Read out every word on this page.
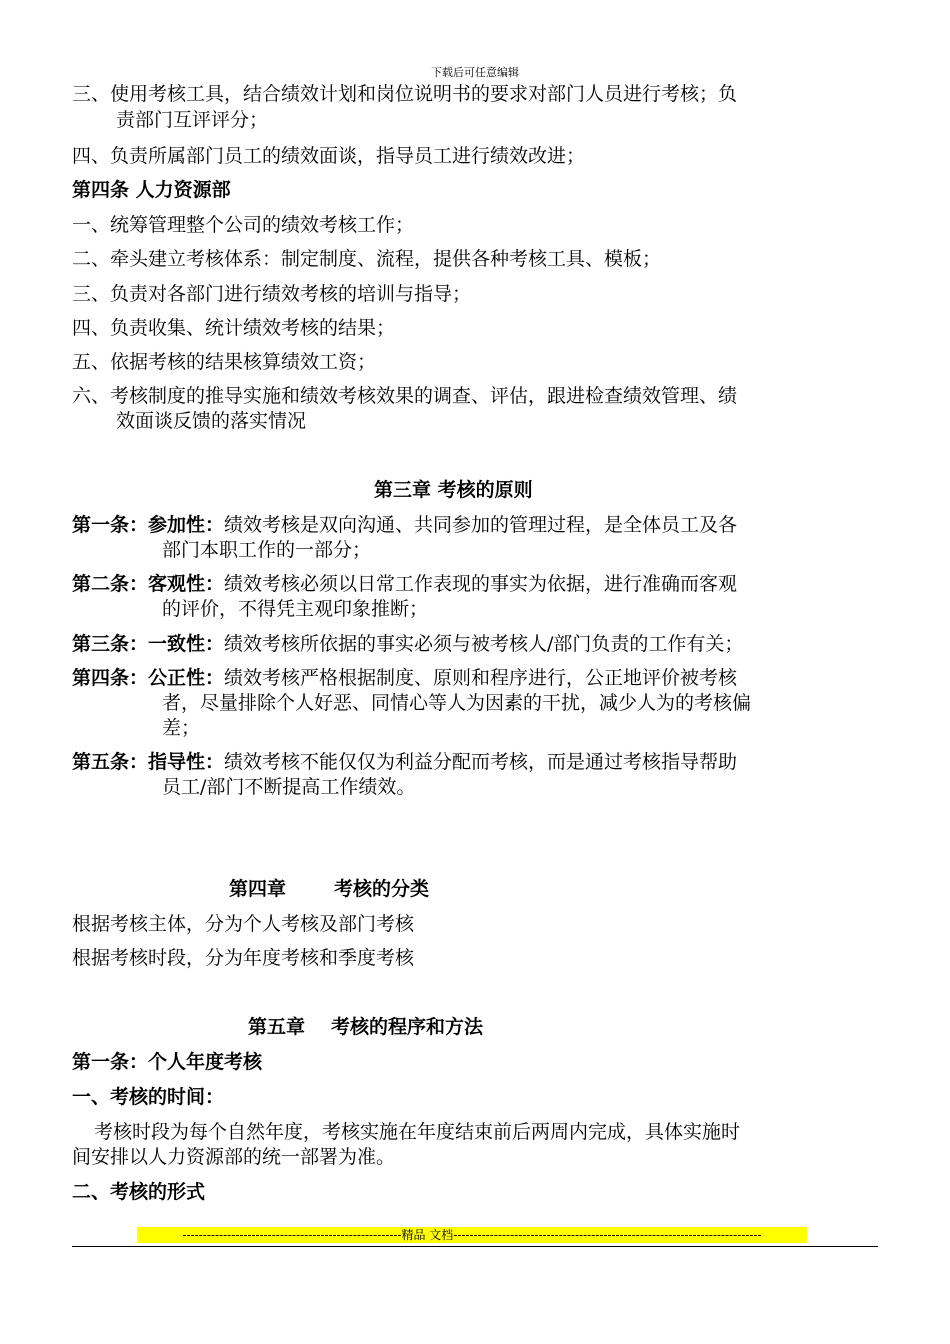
下载后可任意编辑
三、使用考核工具，结合绩效计划和岗位说明书的要求对部门人员进行考核；负
责部门互评评分；
四、负责所属部门员工的绩效面谈，指导员工进行绩效改进；
第四条 人力资源部
一、统筹管理整个公司的绩效考核工作；
二、牵头建立考核体系：制定制度、流程，提供各种考核工具、模板；
三、负责对各部门进行绩效考核的培训与指导；
四、负责收集、统计绩效考核的结果；
五、依据考核的结果核算绩效工资；
六、考核制度的推导实施和绩效考核效果的调查、评估，跟进检查绩效管理、绩
效面谈反馈的落实情况
第三章 考核的原则
第一条：参加性：绩效考核是双向沟通、共同参加的管理过程，是全体员工及各
部门本职工作的一部分；
第二条：客观性：绩效考核必须以日常工作表现的事实为依据，进行准确而客观
的评价，不得凭主观印象推断；
第三条：一致性：绩效考核所依据的事实必须与被考核人/部门负责的工作有关；
第四条：公正性：绩效考核严格根据制度、原则和程序进行，公正地评价被考核
者，尽量排除个人好恶、同情心等人为因素的干扰，减少人为的考核偏
差；
第五条：指导性：绩效考核不能仅仅为利益分配而考核，而是通过考核指导帮助
员工/部门不断提高工作绩效。
第四章	考核的分类
根据考核主体，分为个人考核及部门考核
根据考核时段，分为年度考核和季度考核
第五章 考核的程序和方法
第一条：个人年度考核
一、考核的时间：
考核时段为每个自然年度，考核实施在年度结束前后两周内完成，具体实施时
间安排以人力资源部的统一部署为准。
二、考核的形式
------------------------------------------------------精品 文档----------------------------------------------------------------------------
